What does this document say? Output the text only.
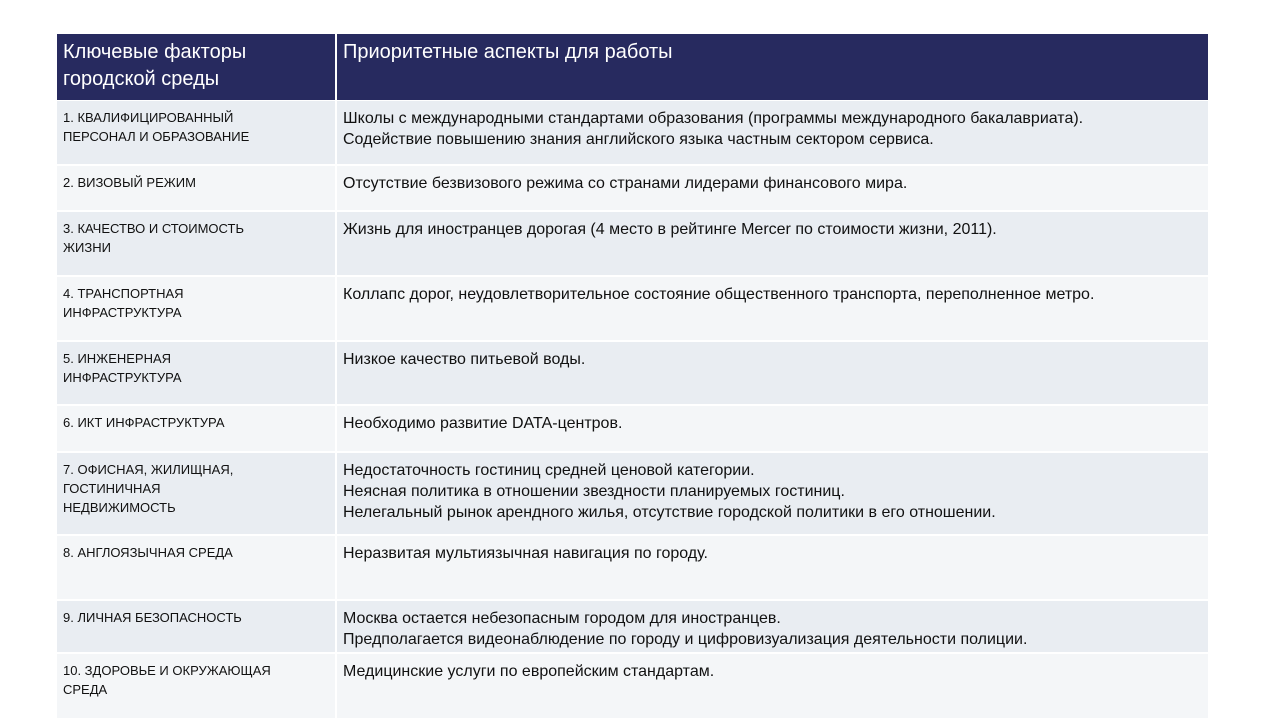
Ключевые факторы
городской среды	Приоритетные аспекты для работы

1. КВАЛИФИЦИРОВАННЫЙ
ПЕРСОНАЛ И ОБРАЗОВАНИЕ	Школы с международными стандартами образования (программы международного бакалавриата).
Содействие повышению знания английского языка частным сектором сервиса.

2. ВИЗОВЫЙ РЕЖИМ	Отсутствие безвизового режима со странами лидерами финансового мира.

3. КАЧЕСТВО И СТОИМОСТЬ
ЖИЗНИ	Жизнь для иностранцев дорогая (4 место в рейтинге Mercer по стоимости жизни, 2011).

4. ТРАНСПОРТНАЯ
ИНФРАСТРУКТУРА	Коллапс дорог, неудовлетворительное состояние общественного транспорта, переполненное метро.

5. ИНЖЕНЕРНАЯ
ИНФРАСТРУКТУРА	Низкое качество питьевой воды.

6. ИКТ ИНФРАСТРУКТУРА	Необходимо развитие DATA-центров.

7. ОФИСНАЯ, ЖИЛИЩНАЯ,
ГОСТИНИЧНАЯ
НЕДВИЖИМОСТЬ	Недостаточность гостиниц средней ценовой категории.
Неясная политика в отношении звездности планируемых гостиниц.
Нелегальный рынок арендного жилья, отсутствие городской политики в его отношении.

8. АНГЛОЯЗЫЧНАЯ СРЕДА	Неразвитая мультиязычная навигация по городу.

9. ЛИЧНАЯ БЕЗОПАСНОСТЬ	Москва остается небезопасным городом для иностранцев.
Предполагается видеонаблюдение по городу и цифровизуализация деятельности полиции.

10. ЗДОРОВЬЕ И ОКРУЖАЮЩАЯ
СРЕДА	Медицинские услуги по европейским стандартам.
